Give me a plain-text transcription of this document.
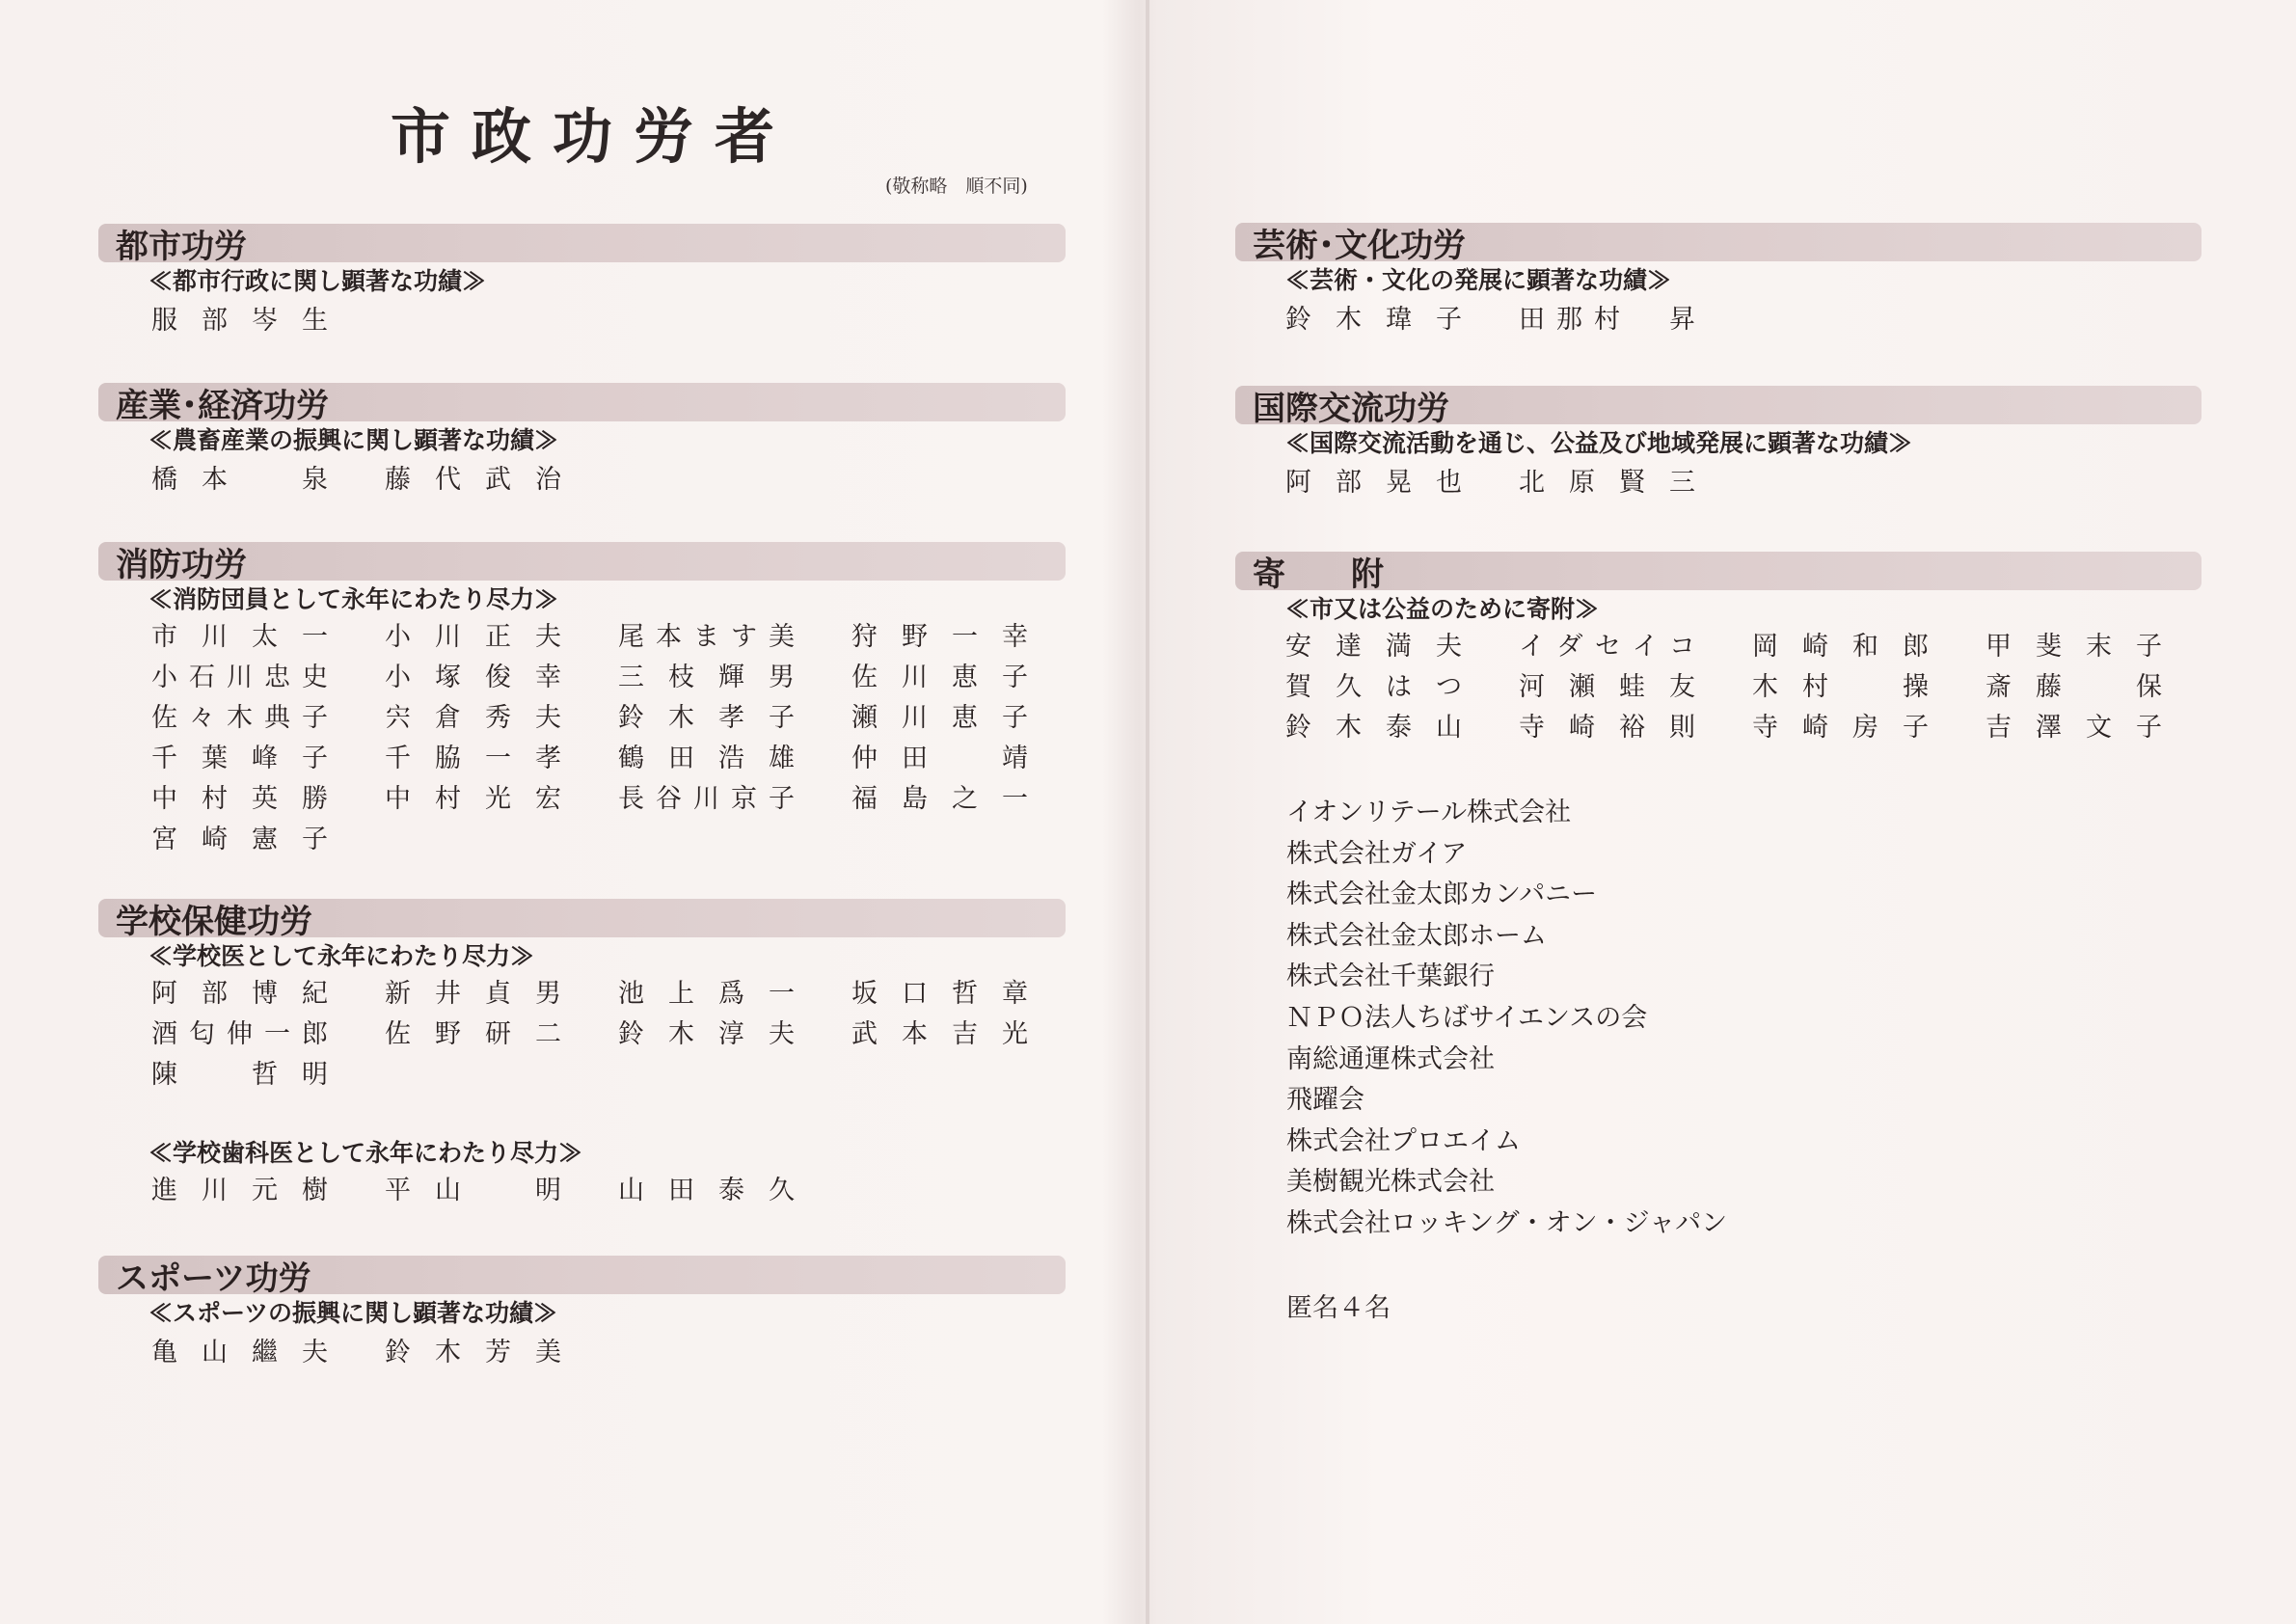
市政功労者
(敬称略　順不同)
都市功労
≪都市行政に関し顕著な功績≫
服部岑生
産業･経済功労
≪農畜産業の振興に関し顕著な功績≫
橋本　泉	藤代武治
消防功労
≪消防団員として永年にわたり尽力≫
市川太一	小川正夫	尾本ます美	狩野一幸
小石川忠史	小塚俊幸	三枝輝男	佐川恵子
佐々木典子	宍倉秀夫	鈴木孝子	瀬川恵子
千葉峰子	千脇一孝	鶴田浩雄	仲田　靖
中村英勝	中村光宏	長谷川京子	福島之一
宮崎憲子
学校保健功労
≪学校医として永年にわたり尽力≫
阿部博紀	新井貞男	池上爲一	坂口哲章
酒匂伸一郎	佐野研二	鈴木淳夫	武本吉光
陳　哲明
≪学校歯科医として永年にわたり尽力≫
進川元樹	平山　明	山田泰久
スポーツ功労
≪スポーツの振興に関し顕著な功績≫
亀山繼夫	鈴木芳美
芸術･文化功労
≪芸術・文化の発展に顕著な功績≫
鈴木瑋子	田那村　昇
国際交流功労
≪国際交流活動を通じ、公益及び地域発展に顕著な功績≫
阿部晃也	北原賢三
寄　　附
≪市又は公益のために寄附≫
安達満夫	イダセイコ	岡崎和郎	甲斐末子
賀久はつ	河瀬蛙友	木村　操	斎藤　保
鈴木泰山	寺崎裕則	寺崎房子	吉澤文子
イオンリテール株式会社
株式会社ガイア
株式会社金太郎カンパニー
株式会社金太郎ホーム
株式会社千葉銀行
ＮＰＯ法人ちばサイエンスの会
南総通運株式会社
飛躍会
株式会社プロエイム
美樹観光株式会社
株式会社ロッキング・オン・ジャパン
匿名４名
